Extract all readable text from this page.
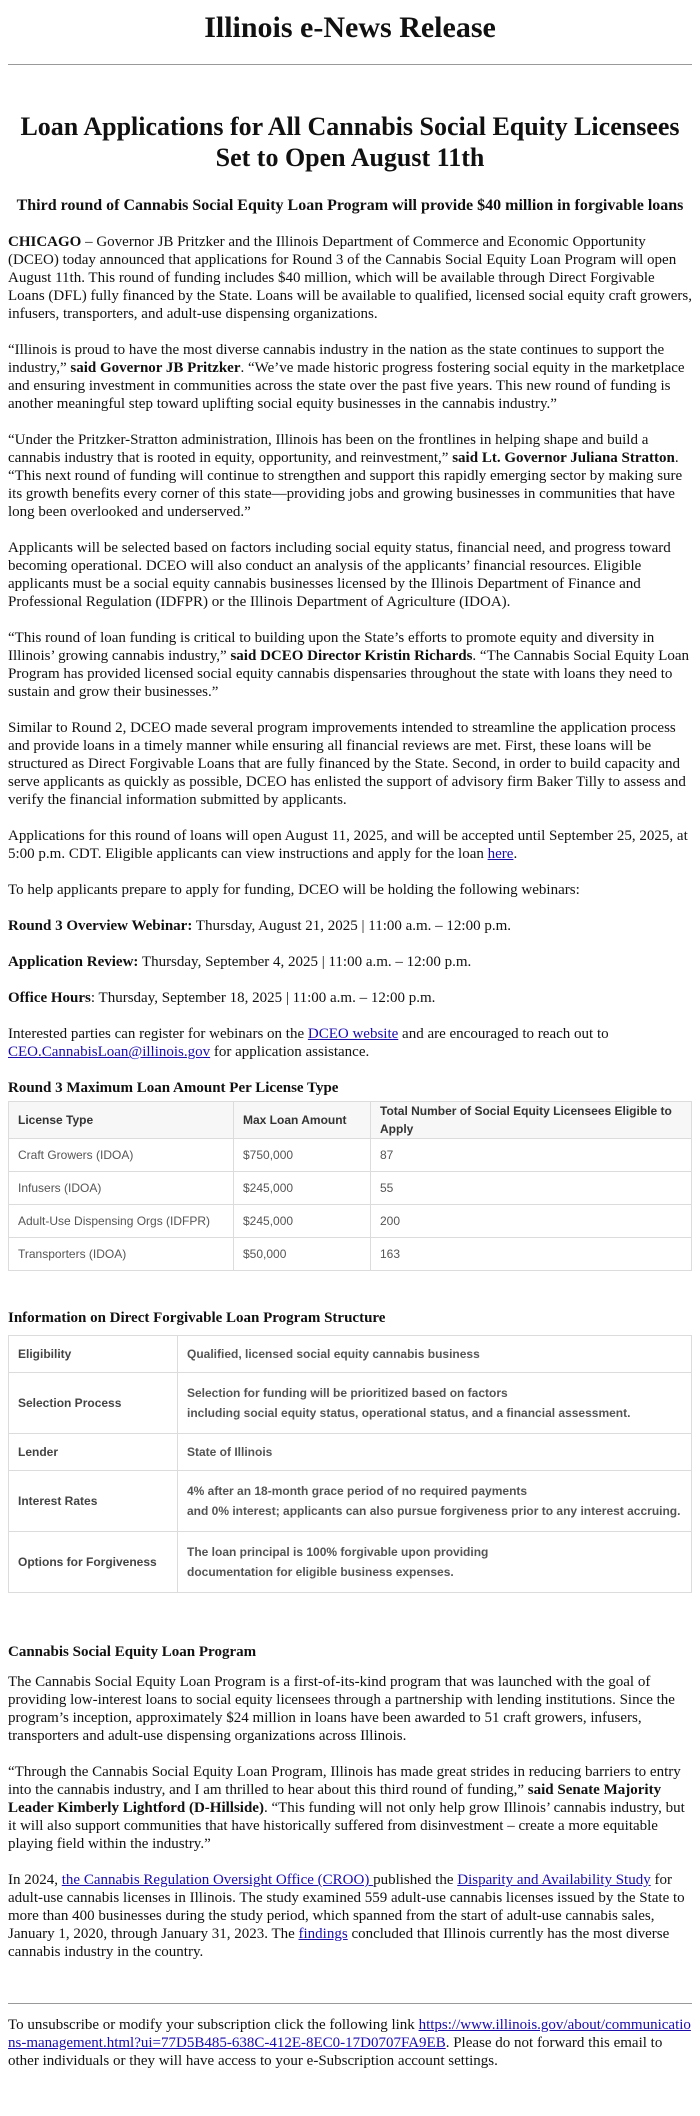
Illinois e-News Release
Loan Applications for All Cannabis Social Equity Licensees Set to Open August 11th
Third round of Cannabis Social Equity Loan Program will provide $40 million in forgivable loans

CHICAGO – Governor JB Pritzker and the Illinois Department of Commerce and Economic Opportunity (DCEO) today announced that applications for Round 3 of the Cannabis Social Equity Loan Program will open August 11th. This round of funding includes $40 million, which will be available through Direct Forgivable Loans (DFL) fully financed by the State. Loans will be available to qualified, licensed social equity craft growers, infusers, transporters, and adult-use dispensing organizations.

“Illinois is proud to have the most diverse cannabis industry in the nation as the state continues to support the industry,” said Governor JB Pritzker. “We’ve made historic progress fostering social equity in the marketplace and ensuring investment in communities across the state over the past five years. This new round of funding is another meaningful step toward uplifting social equity businesses in the cannabis industry.”

“Under the Pritzker-Stratton administration, Illinois has been on the frontlines in helping shape and build a cannabis industry that is rooted in equity, opportunity, and reinvestment,” said Lt. Governor Juliana Stratton. “This next round of funding will continue to strengthen and support this rapidly emerging sector by making sure its growth benefits every corner of this state—providing jobs and growing businesses in communities that have long been overlooked and underserved.”

Applicants will be selected based on factors including social equity status, financial need, and progress toward becoming operational. DCEO will also conduct an analysis of the applicants’ financial resources. Eligible applicants must be a social equity cannabis businesses licensed by the Illinois Department of Finance and Professional Regulation (IDFPR) or the Illinois Department of Agriculture (IDOA).

“This round of loan funding is critical to building upon the State’s efforts to promote equity and diversity in Illinois’ growing cannabis industry,” said DCEO Director Kristin Richards. “The Cannabis Social Equity Loan Program has provided licensed social equity cannabis dispensaries throughout the state with loans they need to sustain and grow their businesses.”

Similar to Round 2, DCEO made several program improvements intended to streamline the application process and provide loans in a timely manner while ensuring all financial reviews are met. First, these loans will be structured as Direct Forgivable Loans that are fully financed by the State. Second, in order to build capacity and serve applicants as quickly as possible, DCEO has enlisted the support of advisory firm Baker Tilly to assess and verify the financial information submitted by applicants.

Applications for this round of loans will open August 11, 2025, and will be accepted until September 25, 2025, at 5:00 p.m. CDT. Eligible applicants can view instructions and apply for the loan here.

To help applicants prepare to apply for funding, DCEO will be holding the following webinars:

Round 3 Overview Webinar: Thursday, August 21, 2025 | 11:00 a.m. – 12:00 p.m.

Application Review: Thursday, September 4, 2025 | 11:00 a.m. – 12:00 p.m.

Office Hours: Thursday, September 18, 2025 | 11:00 a.m. – 12:00 p.m.

Interested parties can register for webinars on the DCEO website and are encouraged to reach out to CEO.CannabisLoan@illinois.gov for application assistance.

Round 3 Maximum Loan Amount Per License Type
License Type	Max Loan Amount	Total Number of Social Equity Licensees Eligible to Apply
Craft Growers (IDOA)	$750,000	87
Infusers (IDOA)	$245,000	55
Adult-Use Dispensing Orgs (IDFPR)	$245,000	200
Transporters (IDOA)	$50,000	163
Information on Direct Forgivable Loan Program Structure
Eligibility	Qualified, licensed social equity cannabis business
Selection Process	Selection for funding will be prioritized based on factors
including social equity status, operational status, and a financial assessment.
Lender	State of Illinois
Interest Rates	4% after an 18-month grace period of no required payments
and 0% interest; applicants can also pursue forgiveness prior to any interest accruing.
Options for Forgiveness	The loan principal is 100% forgivable upon providing
documentation for eligible business expenses.
Cannabis Social Equity Loan Program

The Cannabis Social Equity Loan Program is a first-of-its-kind program that was launched with the goal of providing low-interest loans to social equity licensees through a partnership with lending institutions. Since the program’s inception, approximately $24 million in loans have been awarded to 51 craft growers, infusers, transporters and adult-use dispensing organizations across Illinois.

“Through the Cannabis Social Equity Loan Program, Illinois has made great strides in reducing barriers to entry into the cannabis industry, and I am thrilled to hear about this third round of funding,” said Senate Majority Leader Kimberly Lightford (D-Hillside). “This funding will not only help grow Illinois’ cannabis industry, but it will also support communities that have historically suffered from disinvestment – create a more equitable playing field within the industry.”

In 2024, the Cannabis Regulation Oversight Office (CROO) published the Disparity and Availability Study for adult-use cannabis licenses in Illinois. The study examined 559 adult-use cannabis licenses issued by the State to more than 400 businesses during the study period, which spanned from the start of adult-use cannabis sales, January 1, 2020, through January 31, 2023. The findings concluded that Illinois currently has the most diverse cannabis industry in the country.

To unsubscribe or modify your subscription click the following link https://www.illinois.gov/about/communications-management.html?ui=77D5B485-638C-412E-8EC0-17D0707FA9EB. Please do not forward this email to other individuals or they will have access to your e-Subscription account settings.
